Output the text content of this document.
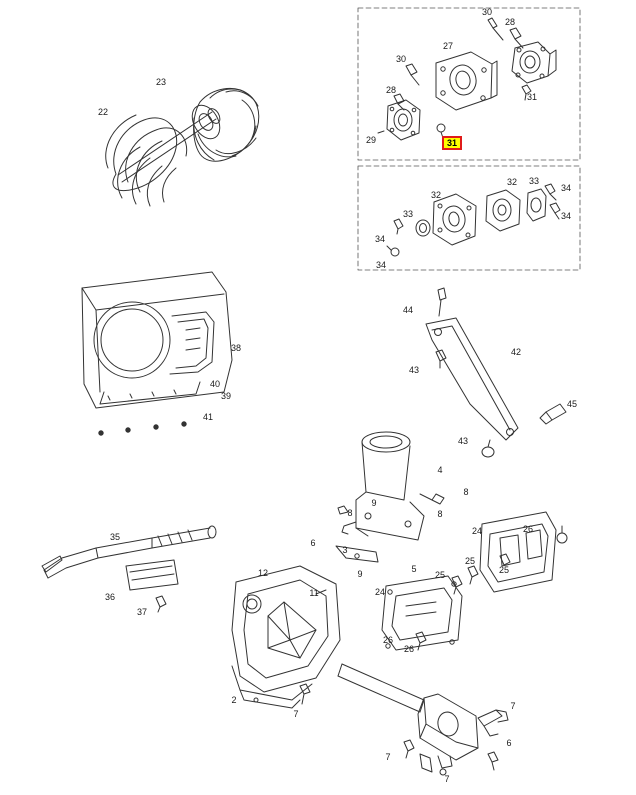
23
22
30
28
27
30
28
31
29	31
32
32 33
34
33	34
34
34
38
40
39
41
44
42
43
43
45
4
8
9
8	8
35
6
3
24	26
9	5
25
25
24
25
36
37
12
11
26
26
2
7
7
6
7
7
